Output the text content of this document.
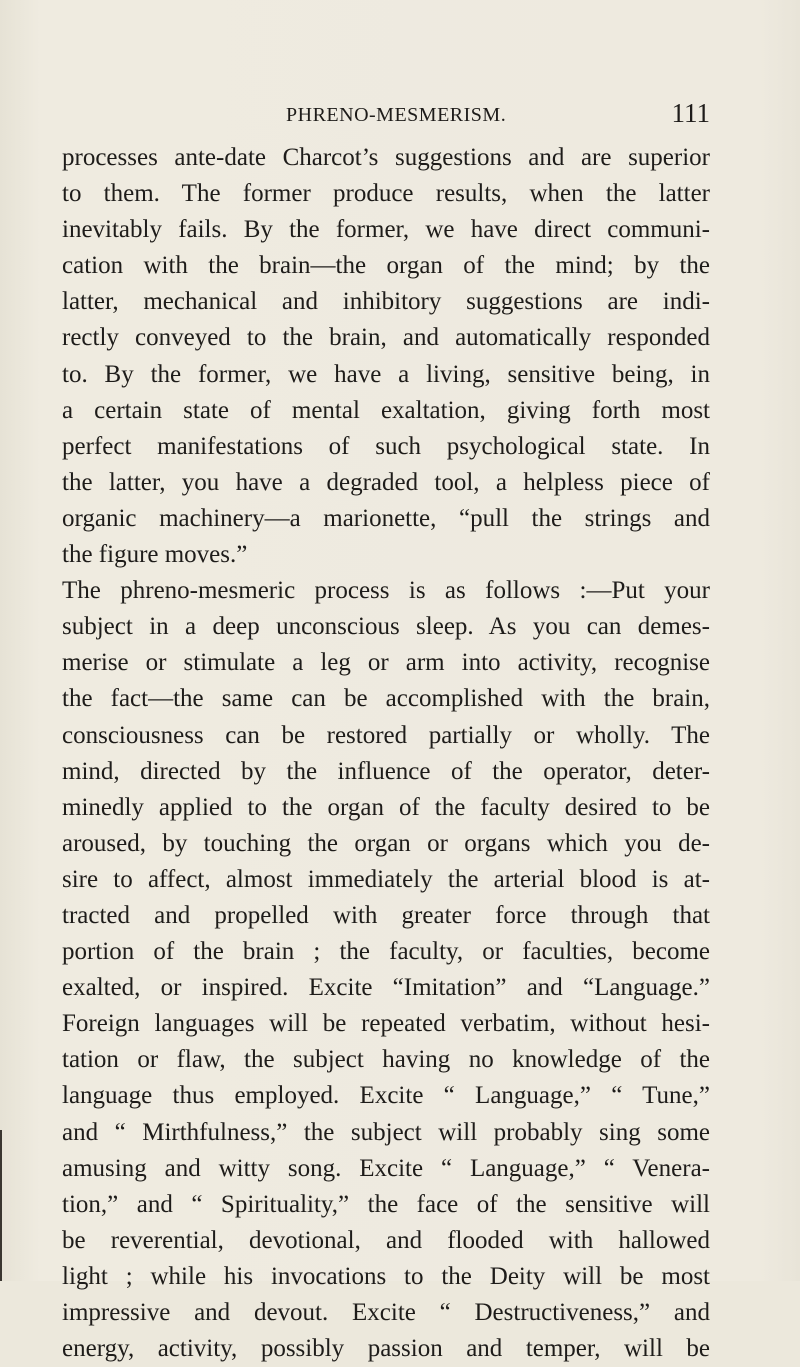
PHRENO-MESMERISM.	111
processes ante-date Charcot’s suggestions and are superior
to them. The former produce results, when the latter
inevitably fails. By the former, we have direct communi-
cation with the brain—the organ of the mind; by the
latter, mechanical and inhibitory suggestions are indi-
rectly conveyed to the brain, and automatically responded
to. By the former, we have a living, sensitive being, in
a certain state of mental exaltation, giving forth most
perfect manifestations of such psychological state. In
the latter, you have a degraded tool, a helpless piece of
organic machinery—a marionette, “pull the strings and
the figure moves.”
The phreno-mesmeric process is as follows :—Put your
subject in a deep unconscious sleep. As you can demes-
merise or stimulate a leg or arm into activity, recognise
the fact—the same can be accomplished with the brain,
consciousness can be restored partially or wholly. The
mind, directed by the influence of the operator, deter-
minedly applied to the organ of the faculty desired to be
aroused, by touching the organ or organs which you de-
sire to affect, almost immediately the arterial blood is at-
tracted and propelled with greater force through that
portion of the brain ; the faculty, or faculties, become
exalted, or inspired. Excite “Imitation” and “Language.”
Foreign languages will be repeated verbatim, without hesi-
tation or flaw, the subject having no knowledge of the
language thus employed. Excite “ Language,” “ Tune,”
and “ Mirthfulness,” the subject will probably sing some
amusing and witty song. Excite “ Language,” “ Venera-
tion,” and “ Spirituality,” the face of the sensitive will
be reverential, devotional, and flooded with hallowed
light ; while his invocations to the Deity will be most
impressive and devout. Excite “ Destructiveness,” and
energy, activity, possibly passion and temper, will be
